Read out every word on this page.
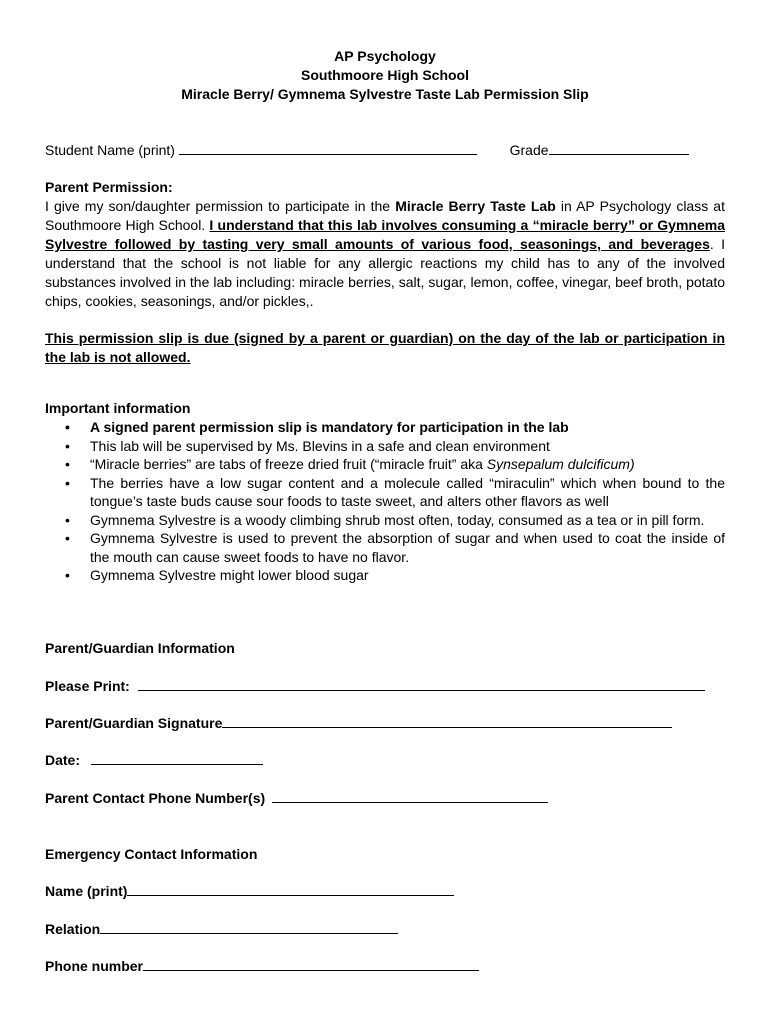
AP Psychology
Southmoore High School
Miracle Berry/ Gymnema Sylvestre Taste Lab Permission Slip
Student Name (print)	Grade
Parent Permission:
I give my son/daughter permission to participate in the Miracle Berry Taste Lab in AP Psychology class at Southmoore High School. I understand that this lab involves consuming a “miracle berry” or Gymnema Sylvestre followed by tasting very small amounts of various food, seasonings, and beverages. I understand that the school is not liable for any allergic reactions my child has to any of the involved substances involved in the lab including: miracle berries, salt, sugar, lemon, coffee, vinegar, beef broth, potato chips, cookies, seasonings, and/or pickles,.
This permission slip is due (signed by a parent or guardian) on the day of the lab or participation in the lab is not allowed.
Important information
• A signed parent permission slip is mandatory for participation in the lab
• This lab will be supervised by Ms. Blevins in a safe and clean environment
• “Miracle berries” are tabs of freeze dried fruit (“miracle fruit” aka Synsepalum dulcificum)
• The berries have a low sugar content and a molecule called “miraculin” which when bound to the tongue’s taste buds cause sour foods to taste sweet, and alters other flavors as well
• Gymnema Sylvestre is a woody climbing shrub most often, today, consumed as a tea or in pill form.
• Gymnema Sylvestre is used to prevent the absorption of sugar and when used to coat the inside of the mouth can cause sweet foods to have no flavor.
• Gymnema Sylvestre might lower blood sugar
Parent/Guardian Information
Please Print:
Parent/Guardian Signature
Date:
Parent Contact Phone Number(s)
Emergency Contact Information
Name (print)
Relation
Phone number
